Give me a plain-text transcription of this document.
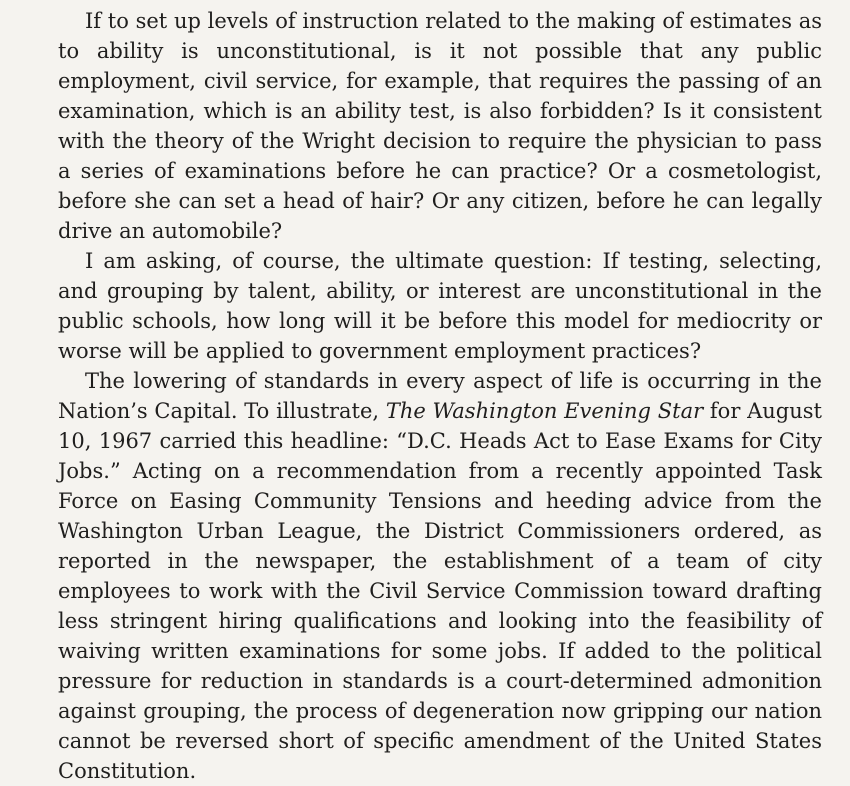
If to set up levels of instruction related to the making of estimates as to ability is unconstitutional, is it not possible that any public employment, civil service, for example, that requires the passing of an examination, which is an ability test, is also forbidden? Is it consistent with the theory of the Wright decision to require the physician to pass a series of examinations before he can practice? Or a cosmetologist, before she can set a head of hair? Or any citizen, before he can legally drive an automobile?

I am asking, of course, the ultimate question: If testing, selecting, and grouping by talent, ability, or interest are unconstitutional in the public schools, how long will it be before this model for mediocrity or worse will be applied to government employment practices?

The lowering of standards in every aspect of life is occurring in the Nation’s Capital. To illustrate, The Washington Evening Star for August 10, 1967 carried this headline: “D.C. Heads Act to Ease Exams for City Jobs.” Acting on a recommendation from a recently appointed Task Force on Easing Community Tensions and heeding advice from the Washington Urban League, the District Commissioners ordered, as reported in the newspaper, the establishment of a team of city employees to work with the Civil Service Commission toward drafting less stringent hiring qualifications and looking into the feasibility of waiving written examinations for some jobs. If added to the political pressure for reduction in standards is a court-determined admonition against grouping, the process of degeneration now gripping our nation cannot be reversed short of specific amendment of the United States Constitution.
